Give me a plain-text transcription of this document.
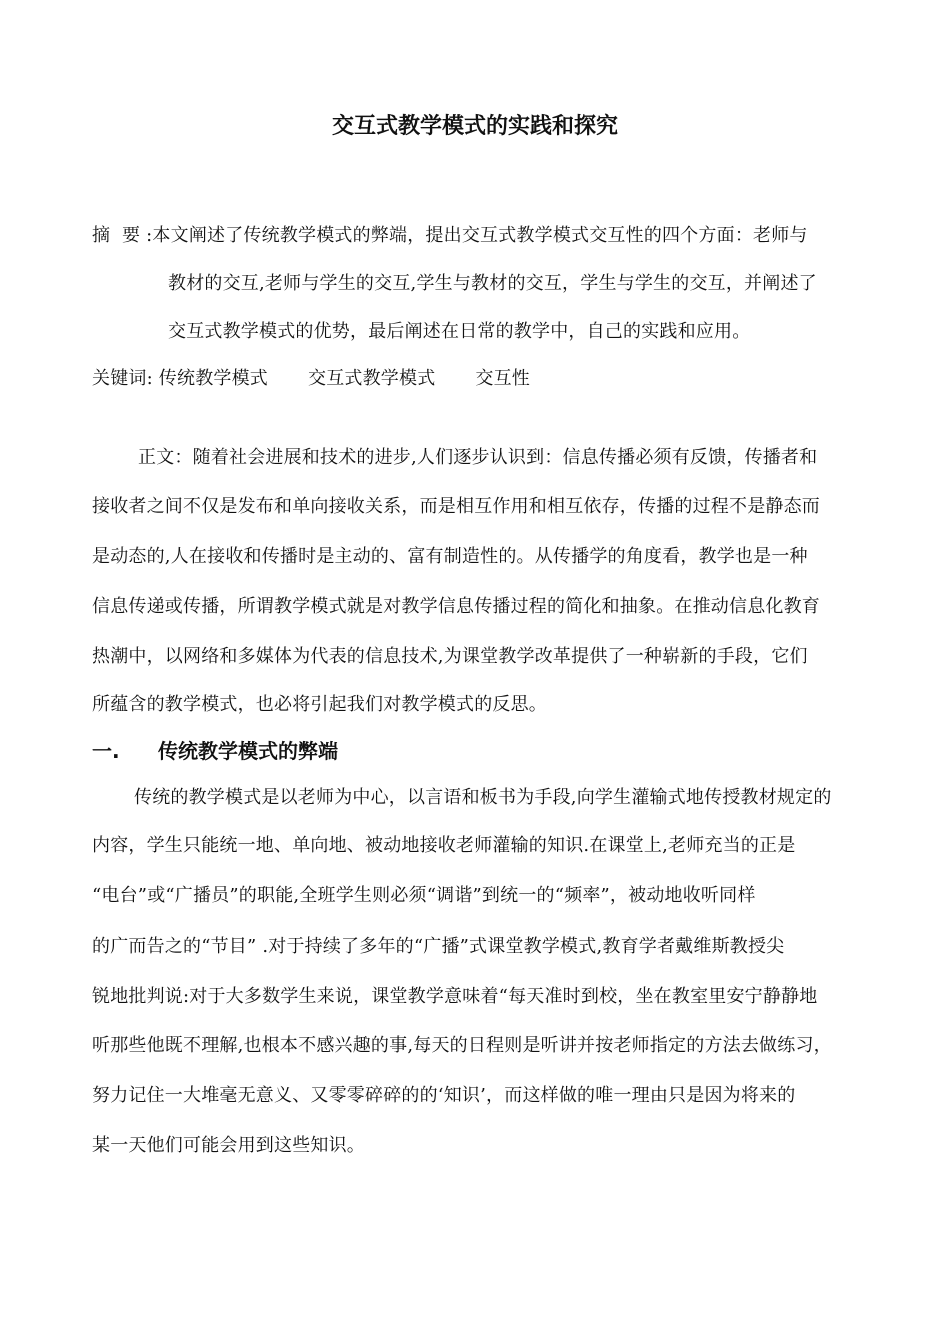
交互式教学模式的实践和探究
摘  要 :本文阐述了传统教学模式的弊端，提出交互式教学模式交互性的四个方面：老师与
教材的交互,老师与学生的交互,学生与教材的交互，学生与学生的交互，并阐述了
交互式教学模式的优势，最后阐述在日常的教学中，自己的实践和应用。
关键词: 传统教学模式 交互式教学模式 交互性
正文：随着社会进展和技术的进步,人们逐步认识到：信息传播必须有反馈，传播者和
接收者之间不仅是发布和单向接收关系，而是相互作用和相互依存，传播的过程不是静态而
是动态的,人在接收和传播时是主动的、富有制造性的。从传播学的角度看，教学也是一种
信息传递或传播，所谓教学模式就是对教学信息传播过程的简化和抽象。在推动信息化教育
热潮中，以网络和多媒体为代表的信息技术,为课堂教学改革提供了一种崭新的手段，它们
所蕴含的教学模式，也必将引起我们对教学模式的反思。
一. 传统教学模式的弊端
传统的教学模式是以老师为中心，以言语和板书为手段,向学生灌输式地传授教材规定的
内容，学生只能统一地、单向地、被动地接收老师灌输的知识.在课堂上,老师充当的正是
“电台”或“广播员”的职能,全班学生则必须“调谐”到统一的“频率”，被动地收听同样
的广而告之的“节目” .对于持续了多年的“广播”式课堂教学模式,教育学者戴维斯教授尖
锐地批判说:对于大多数学生来说，课堂教学意味着“每天准时到校，坐在教室里安宁静静地
听那些他既不理解,也根本不感兴趣的事,每天的日程则是听讲并按老师指定的方法去做练习，
努力记住一大堆毫无意义、又零零碎碎的的‘知识’，而这样做的唯一理由只是因为将来的
某一天他们可能会用到这些知识。
